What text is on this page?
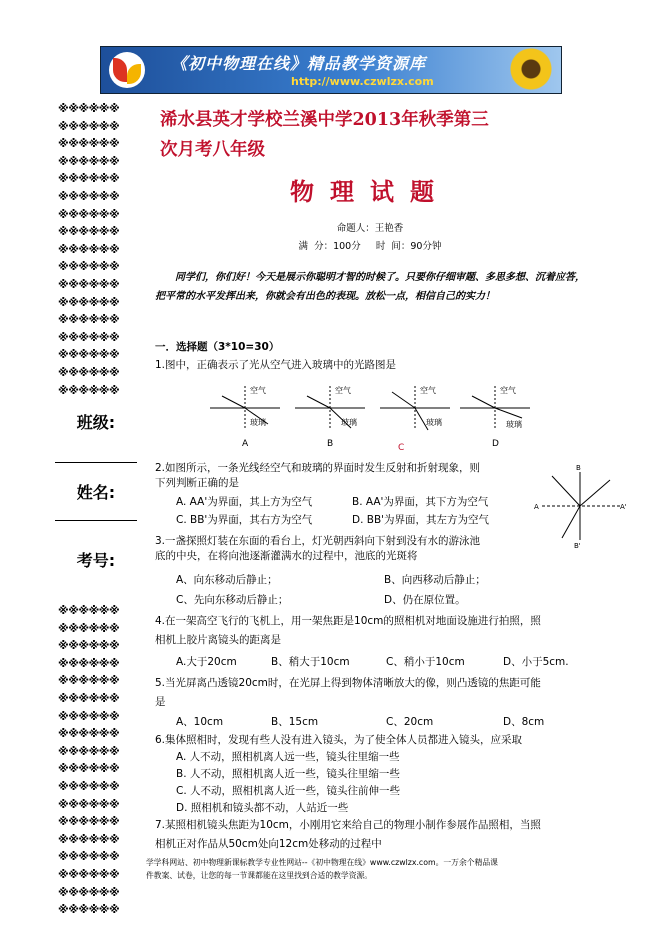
《初中物理在线》精品教学资源库
http://www.czwlzx.com
※※※※※※
※※※※※※
※※※※※※
※※※※※※
※※※※※※
※※※※※※
※※※※※※
※※※※※※
※※※※※※
※※※※※※
※※※※※※
※※※※※※
※※※※※※
※※※※※※
※※※※※※
※※※※※※
※※※※※※
班级:
姓名:
考号:
※※※※※※
※※※※※※
※※※※※※
※※※※※※
※※※※※※
※※※※※※
※※※※※※
※※※※※※
※※※※※※
※※※※※※
※※※※※※
※※※※※※
※※※※※※
※※※※※※
※※※※※※
※※※※※※
※※※※※※
※※※※※※
浠水县英才学校兰溪中学2013年秋季第三
次月考八年级
物理试题
命题人：王艳香
满  分：100分     时  间：90分钟
同学们，你们好！今天是展示你聪明才智的时候了。只要你仔细审题、多思多想、沉着应答，把平常的水平发挥出来，你就会有出色的表现。放松一点，相信自己的实力！
一．选择题（3*10=30）
1.图中，正确表示了光从空气进入玻璃中的光路图是
空气
玻璃
A
空气
玻璃
B
空气
玻璃
C
空气
玻璃
D
2.如图所示，一条光线经空气和玻璃的界面时发生反射和折射现象，则
下列判断正确的是
A. AA'为界面，其上方为空气	B. AA'为界面，其下方为空气
C. BB'为界面，其右方为空气	D. BB'为界面，其左方为空气
B
B'
A	A'
3.一盏探照灯装在东面的看台上，灯光朝西斜向下射到没有水的游泳池
底的中央，在将向池逐渐灌满水的过程中，池底的光斑将
A、向东移动后静止；	B、向西移动后静止；
C、先向东移动后静止；	D、仍在原位置。
4.在一架高空飞行的飞机上，用一架焦距是10cm的照相机对地面设施进行拍照，照
相机上胶片离镜头的距离是
A.大于20cm	B、稍大于10cm	C、稍小于10cm	D、小于5cm.
5.当光屏离凸透镜20cm时，在光屏上得到物体清晰放大的像，则凸透镜的焦距可能
是
A、10cm	B、15cm	C、20cm	D、8cm
6.集体照相时，发现有些人没有进入镜头，为了使全体人员都进入镜头，应采取
A. 人不动，照相机离人远一些，镜头往里缩一些
B. 人不动，照相机离人近一些，镜头往里缩一些
C. 人不动，照相机离人近一些，镜头往前伸一些
D. 照相机和镜头都不动，人站近一些
7.某照相机镜头焦距为10cm，小刚用它来给自己的物理小制作参展作品照相，当照
相机正对作品从50cm处向12cm处移动的过程中
学学科网站、初中物理新课标教学专业性网站--《初中物理在线》www.czwlzx.com。一万余个精品课
件教案、试卷，让您的每一节课都能在这里找到合适的教学资源。
